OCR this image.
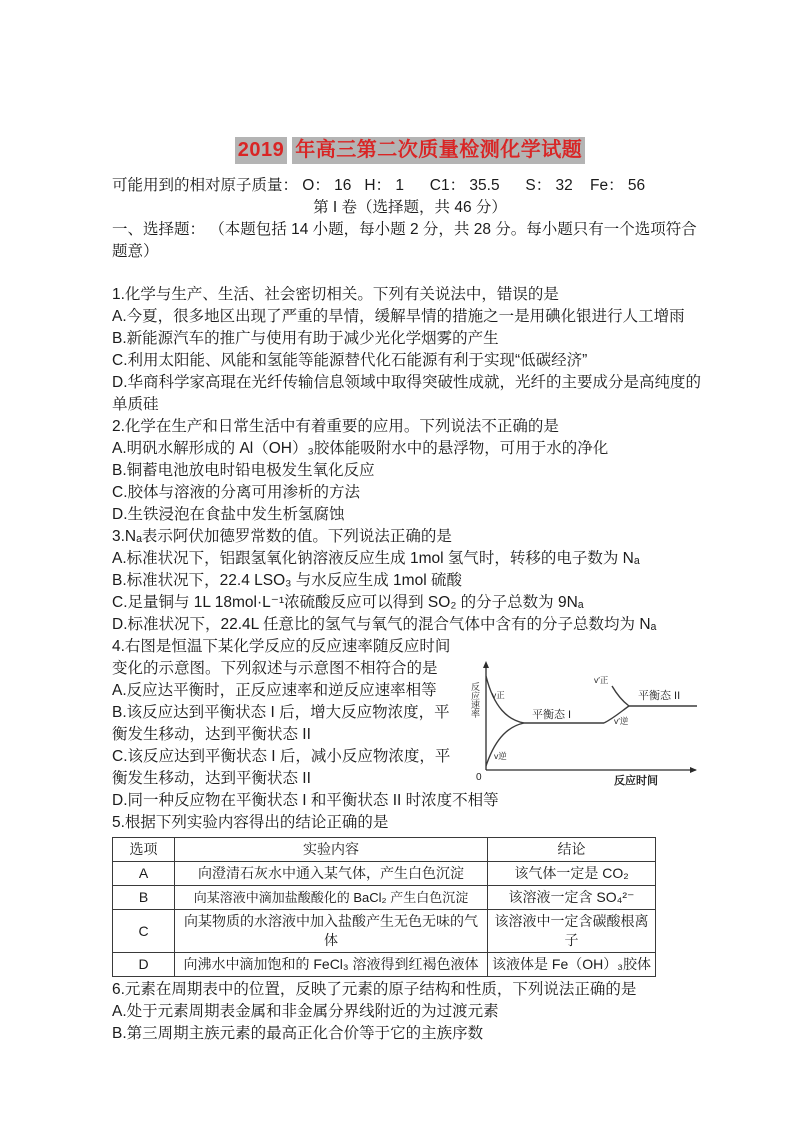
2019 年高三第二次质量检测化学试题

可能用到的相对原子质量： O： 16   H： 1      C1： 35.5      S： 32    Fe： 56

第 I 卷（选择题，共 46 分）

一、选择题： （本题包括 14 小题，每小题 2 分，共 28 分。每小题只有一个选项符合题意）

1.化学与生产、生活、社会密切相关。下列有关说法中，错误的是

A.今夏，很多地区出现了严重的旱情，缓解旱情的措施之一是用碘化银进行人工增雨

B.新能源汽车的推广与使用有助于减少光化学烟雾的产生

C.利用太阳能、风能和氢能等能源替代化石能源有利于实现“低碳经济”

D.华商科学家高琨在光纤传输信息领域中取得突破性成就，光纤的主要成分是高纯度的单质硅

2.化学在生产和日常生活中有着重要的应用。下列说法不正确的是

A.明矾水解形成的 Al（OH）₃胶体能吸附水中的悬浮物，可用于水的净化

B.铜蓄电池放电时铅电极发生氧化反应

C.胶体与溶液的分离可用渗析的方法

D.生铁浸泡在食盐中发生析氢腐蚀

3.Nₐ表示阿伏加德罗常数的值。下列说法正确的是

A.标准状况下，铝跟氢氧化钠溶液反应生成 1mol 氢气时，转移的电子数为 Nₐ

B.标准状况下，22.4 LSO₃ 与水反应生成 1mol 硫酸

C.足量铜与 1L 18mol·L⁻¹浓硫酸反应可以得到 SO₂ 的分子总数为 9Nₐ

D.标准状况下，22.4L 任意比的氢气与氧气的混合气体中含有的分子总数均为 Nₐ

反应速率
反应时间
0
v正
v逆
平衡态 I
v′正
v′逆
平衡态 II

4.右图是恒温下某化学反应的反应速率随反应时间变化的示意图。下列叙述与示意图不相符合的是

A.反应达平衡时，正反应速率和逆反应速率相等

B.该反应达到平衡状态 I 后，增大反应物浓度，平衡发生移动，达到平衡状态 II

C.该反应达到平衡状态 I 后，减小反应物浓度，平衡发生移动，达到平衡状态 II

D.同一种反应物在平衡状态 I 和平衡状态 II 时浓度不相等

5.根据下列实验内容得出的结论正确的是

选项	实验内容	结论
A	向澄清石灰水中通入某气体，产生白色沉淀	该气体一定是 CO₂
B	向某溶液中滴加盐酸酸化的 BaCl₂ 产生白色沉淀	该溶液一定含 SO₄²⁻
C	向某物质的水溶液中加入盐酸产生无色无味的气体	该溶液中一定含碳酸根离子
D	向沸水中滴加饱和的 FeCl₃ 溶液得到红褐色液体	该液体是 Fe（OH）₃胶体

6.元素在周期表中的位置，反映了元素的原子结构和性质，下列说法正确的是

A.处于元素周期表金属和非金属分界线附近的为过渡元素

B.第三周期主族元素的最高正化合价等于它的主族序数
